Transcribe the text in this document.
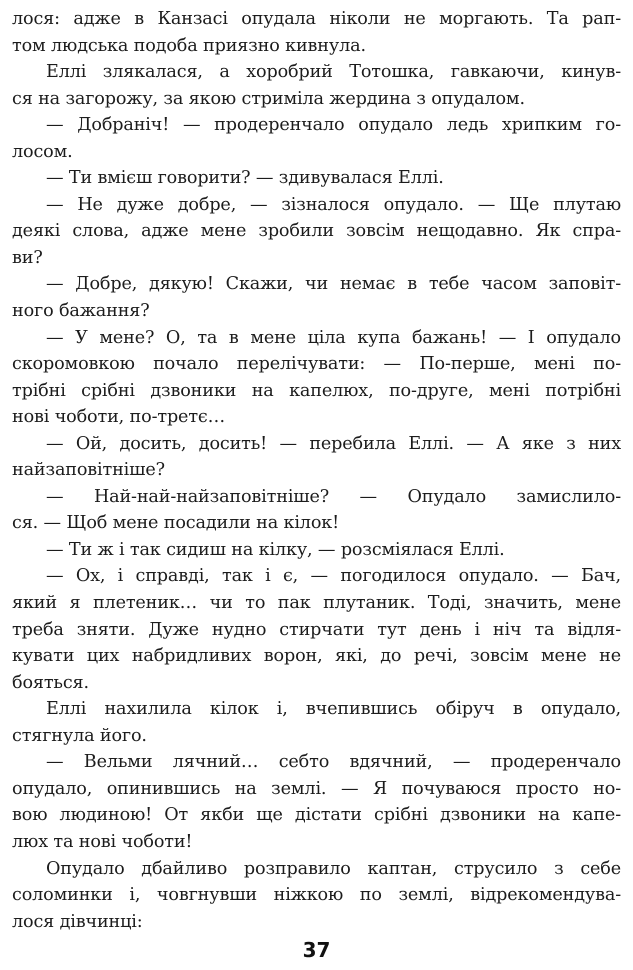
лося: адже в Канзасі опудала ніколи не моргають. Та рап-
том людська подоба приязно кивнула.
Еллі злякалася, а хоробрий Тотошка, гавкаючи, кинув-
ся на загорожу, за якою стриміла жердина з опудалом.
— Добраніч! — продеренчало опудало ледь хрипким го-
лосом.
— Ти вмієш говорити? — здивувалася Еллі.
— Не дуже добре, — зізналося опудало. — Ще плутаю
деякі слова, адже мене зробили зовсім нещодавно. Як спра-
ви?
— Добре, дякую! Скажи, чи немає в тебе часом заповіт-
ного бажання?
— У мене? О, та в мене ціла купа бажань! — І опудало
скоромовкою почало перелічувати: — По-перше, мені по-
трібні срібні дзвоники на капелюх, по-друге, мені потрібні
нові чоботи, по-третє…
— Ой, досить, досить! — перебила Еллі. — А яке з них
найзаповітніше?
— Най-най-найзаповітніше? — Опудало замислило-
ся. — Щоб мене посадили на кілок!
— Ти ж і так сидиш на кілку, — розсміялася Еллі.
— Ох, і справді, так і є, — погодилося опудало. — Бач,
який я плетеник… чи то пак плутаник. Тоді, значить, мене
треба зняти. Дуже нудно стирчати тут день і ніч та відля-
кувати цих набридливих ворон, які, до речі, зовсім мене не
бояться.
Еллі нахилила кілок і, вчепившись обіруч в опудало,
стягнула його.
— Вельми лячний… себто вдячний, — продеренчало
опудало, опинившись на землі. — Я почуваюся просто но-
вою людиною! От якби ще дістати срібні дзвоники на капе-
люх та нові чоботи!
Опудало дбайливо розправило каптан, струсило з себе
соломинки і, човгнувши ніжкою по землі, відрекомендува-
лося дівчинці:
37
